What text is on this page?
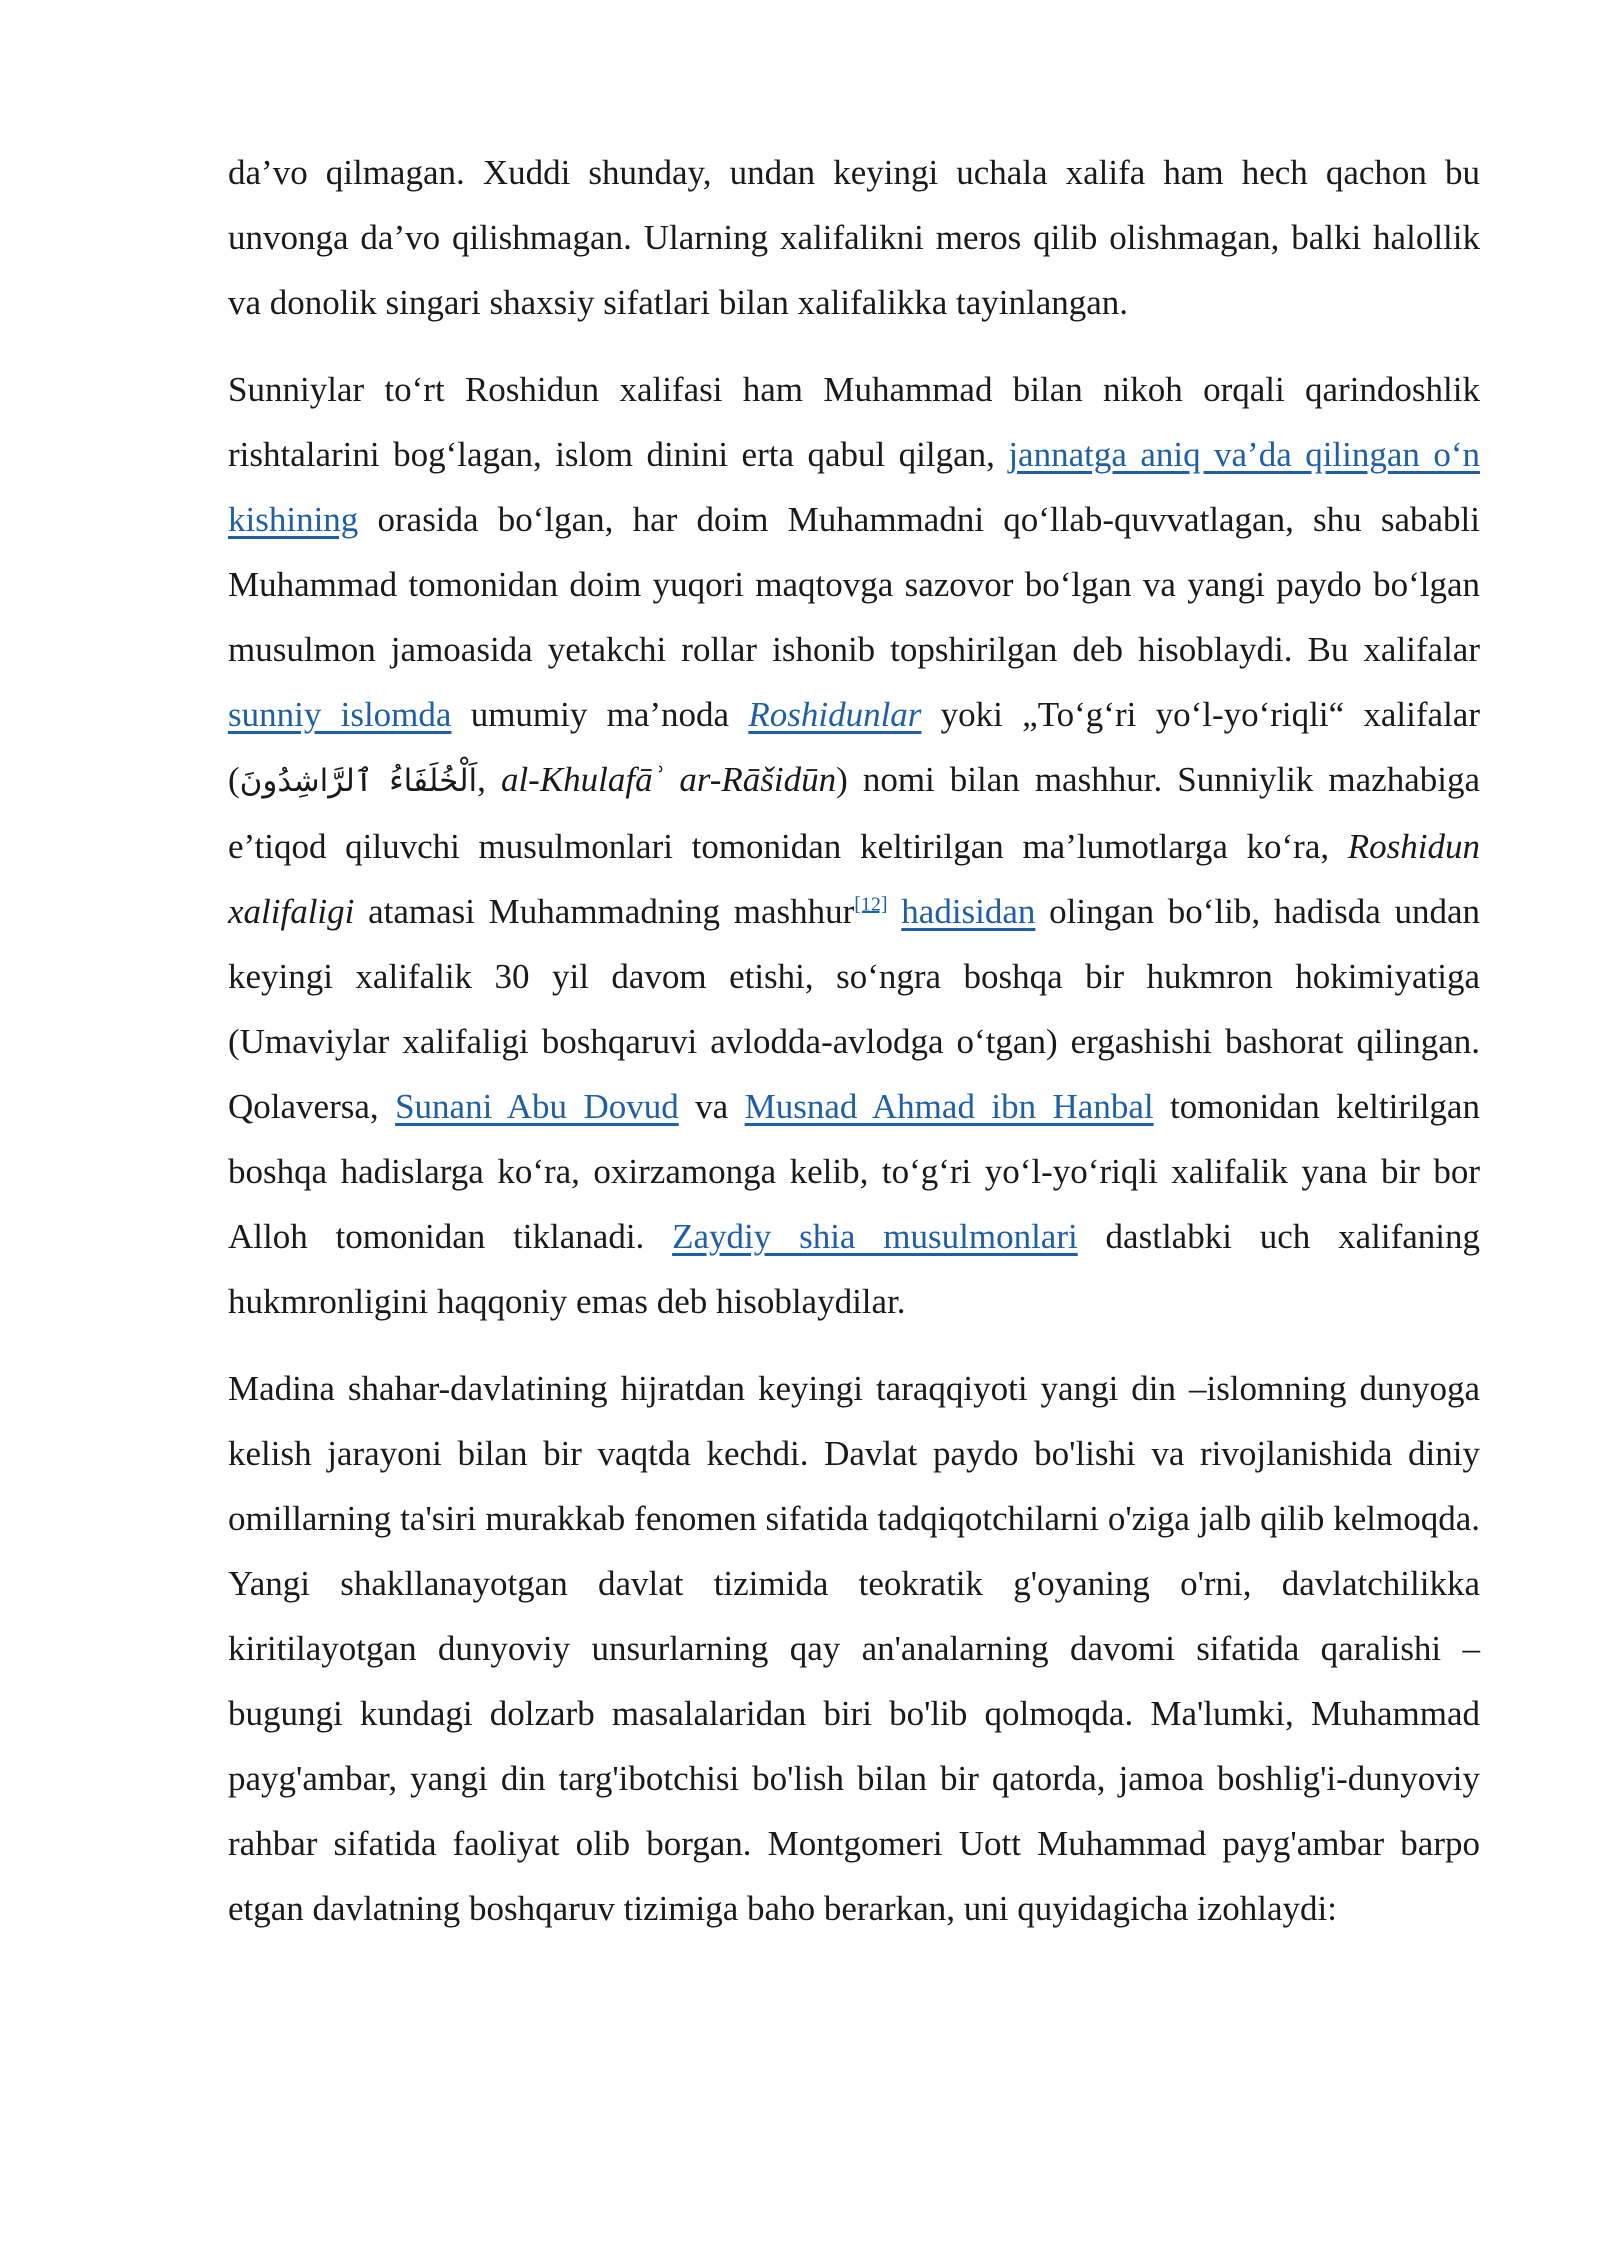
da’vo qilmagan. Xuddi shunday, undan keyingi uchala xalifa ham hech qachon bu unvonga da’vo qilishmagan. Ularning xalifalikni meros qilib olishmagan, balki halollik va donolik singari shaxsiy sifatlari bilan xalifalikka tayinlangan.

Sunniylar to‘rt Roshidun xalifasi ham Muhammad bilan nikoh orqali qarindoshlik rishtalarini bog‘lagan, islom dinini erta qabul qilgan, jannatga aniq va’da qilingan o‘n kishining orasida bo‘lgan, har doim Muhammadni qo‘llab-quvvatlagan, shu sababli Muhammad tomonidan doim yuqori maqtovga sazovor bo‘lgan va yangi paydo bo‘lgan musulmon jamoasida yetakchi rollar ishonib topshirilgan deb hisoblaydi. Bu xalifalar sunniy islomda umumiy ma’noda Roshidunlar yoki „To‘g‘ri yo‘l-yo‘riqli“ xalifalar (اَلْخُلَفَاءُ ٱلرَّاشِدُونَ, al-Khulafāʾ ar-Rāšidūn) nomi bilan mashhur. Sunniylik mazhabiga e’tiqod qiluvchi musulmonlari tomonidan keltirilgan ma’lumotlarga ko‘ra, Roshidun xalifaligi atamasi Muhammadning mashhur[12] hadisidan olingan bo‘lib, hadisda undan keyingi xalifalik 30 yil davom etishi, so‘ngra boshqa bir hukmron hokimiyatiga (Umaviylar xalifaligi boshqaruvi avlodda-avlodga o‘tgan) ergashishi bashorat qilingan. Qolaversa, Sunani Abu Dovud va Musnad Ahmad ibn Hanbal tomonidan keltirilgan boshqa hadislarga ko‘ra, oxirzamonga kelib, to‘g‘ri yo‘l-yo‘riqli xalifalik yana bir bor Alloh tomonidan tiklanadi. Zaydiy shia musulmonlari dastlabki uch xalifaning hukmronligini haqqoniy emas deb hisoblaydilar.

Madina shahar-davlatining hijratdan keyingi taraqqiyoti yangi din –islomning dunyoga kelish jarayoni bilan bir vaqtda kechdi. Davlat paydo bo'lishi va rivojlanishida diniy omillarning ta'siri murakkab fenomen sifatida tadqiqotchilarni o'ziga jalb qilib kelmoqda. Yangi shakllanayotgan davlat tizimida teokratik g'oyaning o'rni, davlatchilikka kiritilayotgan dunyoviy unsurlarning qay an'analarning davomi sifatida qaralishi –bugungi kundagi dolzarb masalalaridan biri bo'lib qolmoqda. Ma'lumki, Muhammad payg'ambar, yangi din targ'ibotchisi bo'lish bilan bir qatorda, jamoa boshlig'i-dunyoviy rahbar sifatida faoliyat olib borgan. Montgomeri Uott Muhammad payg'ambar barpo etgan davlatning boshqaruv tizimiga baho berarkan, uni quyidagicha izohlaydi:
